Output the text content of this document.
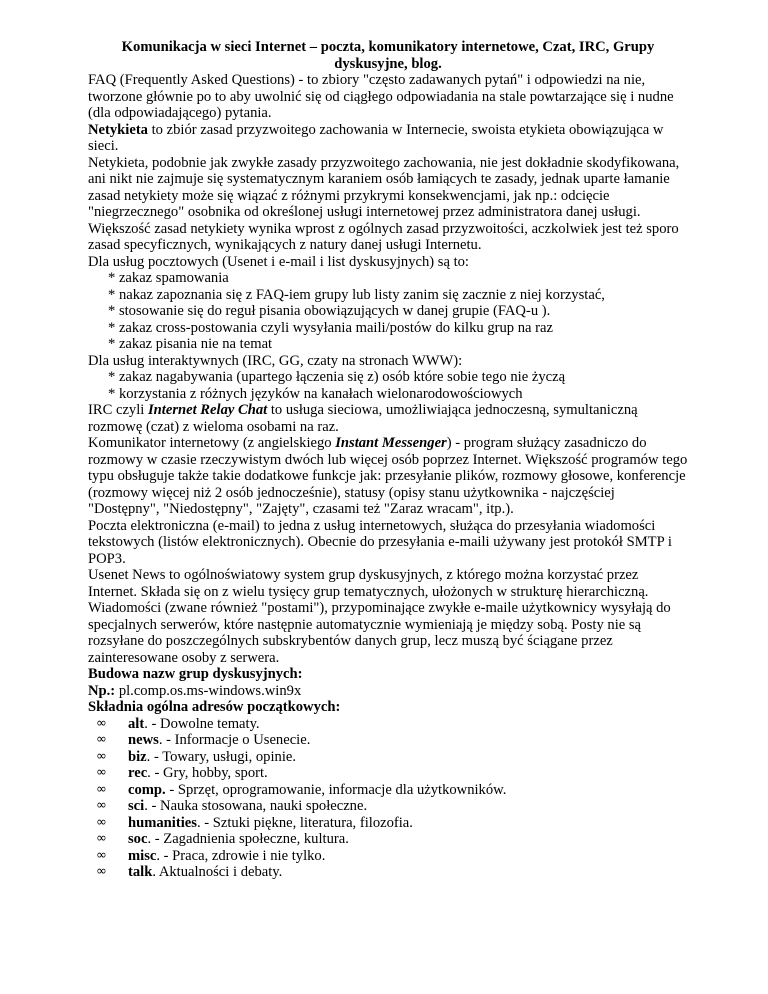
Komunikacja w sieci Internet – poczta, komunikatory internetowe, Czat, IRC, Grupy dyskusyjne, blog.

FAQ (Frequently Asked Questions) - to zbiory "często zadawanych pytań" i odpowiedzi na nie, tworzone głównie po to aby uwolnić się od ciągłego odpowiadania na stale powtarzające się i nudne (dla odpowiadającego) pytania.

Netykieta to zbiór zasad przyzwoitego zachowania w Internecie, swoista etykieta obowiązująca w sieci.

Netykieta, podobnie jak zwykłe zasady przyzwoitego zachowania, nie jest dokładnie skodyfikowana, ani nikt nie zajmuje się systematycznym karaniem osób łamiących te zasady, jednak uparte łamanie zasad netykiety może się wiązać z różnymi przykrymi konsekwencjami, jak np.: odcięcie "niegrzecznego" osobnika od określonej usługi internetowej przez administratora danej usługi.

Większość zasad netykiety wynika wprost z ogólnych zasad przyzwoitości, aczkolwiek jest też sporo zasad specyficznych, wynikających z natury danej usługi Internetu.

Dla usług pocztowych (Usenet i e-mail i list dyskusyjnych) są to:

* zakaz spamowania

* nakaz zapoznania się z FAQ-iem grupy lub listy zanim się zacznie z niej korzystać,

* stosowanie się do reguł pisania obowiązujących w danej grupie (FAQ-u ).

* zakaz cross-postowania czyli wysyłania maili/postów do kilku grup na raz

* zakaz pisania nie na temat

Dla usług interaktywnych (IRC, GG, czaty na stronach WWW):

* zakaz nagabywania (upartego łączenia się z) osób które sobie tego nie życzą

* korzystania z różnych języków na kanałach wielonarodowościowych

IRC czyli Internet Relay Chat to usługa sieciowa, umożliwiająca jednoczesną, symultaniczną rozmowę (czat) z wieloma osobami na raz.

Komunikator internetowy (z angielskiego Instant Messenger) - program służący zasadniczo do rozmowy w czasie rzeczywistym dwóch lub więcej osób poprzez Internet. Większość programów tego typu obsługuje także takie dodatkowe funkcje jak: przesyłanie plików, rozmowy głosowe, konferencje (rozmowy więcej niż 2 osób jednocześnie), statusy (opisy stanu użytkownika - najczęściej "Dostępny", "Niedostępny", "Zajęty", czasami też "Zaraz wracam", itp.).

Poczta elektroniczna (e-mail) to jedna z usług internetowych, służąca do przesyłania wiadomości tekstowych (listów elektronicznych). Obecnie do przesyłania e-maili używany jest protokół SMTP i POP3.

Usenet News to ogólnoświatowy system grup dyskusyjnych, z którego można korzystać przez Internet. Składa się on z wielu tysięcy grup tematycznych, ułożonych w strukturę hierarchiczną. Wiadomości (zwane również "postami"), przypominające zwykłe e-maile użytkownicy wysyłają do specjalnych serwerów, które następnie automatycznie wymieniają je między sobą. Posty nie są rozsyłane do poszczególnych subskrybentów danych grup, lecz muszą być ściągane przez zainteresowane osoby z serwera.

Budowa nazw grup dyskusyjnych:

Np.: pl.comp.os.ms-windows.win9x

Składnia ogólna adresów początkowych:

∞	alt. - Dowolne tematy.
∞	news. - Informacje o Usenecie.
∞	biz. - Towary, usługi, opinie.
∞	rec. - Gry, hobby, sport.
∞	comp. - Sprzęt, oprogramowanie, informacje dla użytkowników.
∞	sci. - Nauka stosowana, nauki społeczne.
∞	humanities. - Sztuki piękne, literatura, filozofia.
∞	soc. - Zagadnienia społeczne, kultura.
∞	misc. - Praca, zdrowie i nie tylko.
∞	talk. Aktualności i debaty.
